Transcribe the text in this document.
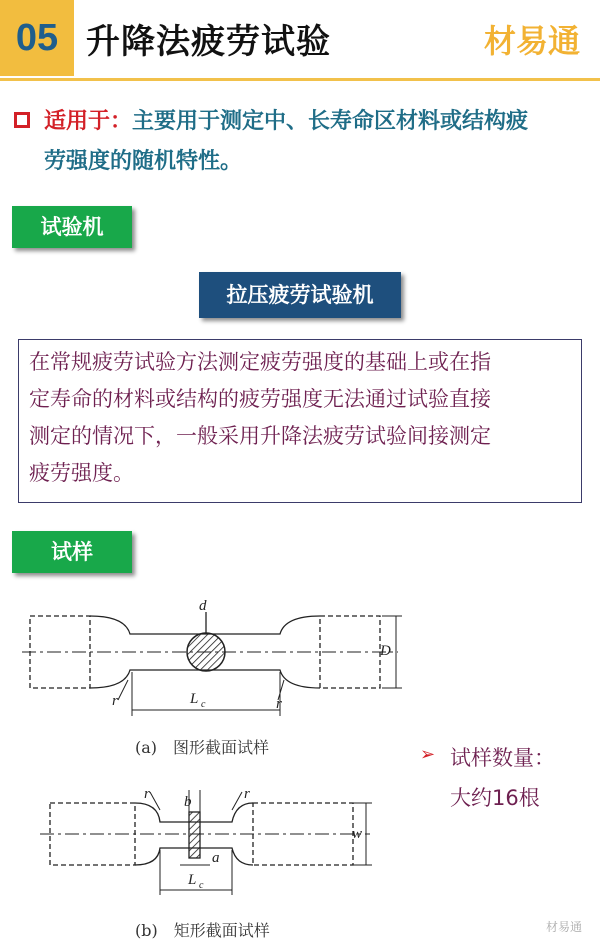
05 升降法疲劳试验	材易通
适用于：主要用于测定中、长寿命区材料或结构疲
劳强度的随机特性。
试验机
拉压疲劳试验机
在常规疲劳试验方法测定疲劳强度的基础上或在指
定寿命的材料或结构的疲劳强度无法通过试验直接
测定的情况下，一般采用升降法疲劳试验间接测定
疲劳强度。
试样
d
D
r	r
L c
r	r
b
a
w
L c
(a)　图形截面试样
(b)　矩形截面试样
➢ 试样数量：
大约16根
材易通
